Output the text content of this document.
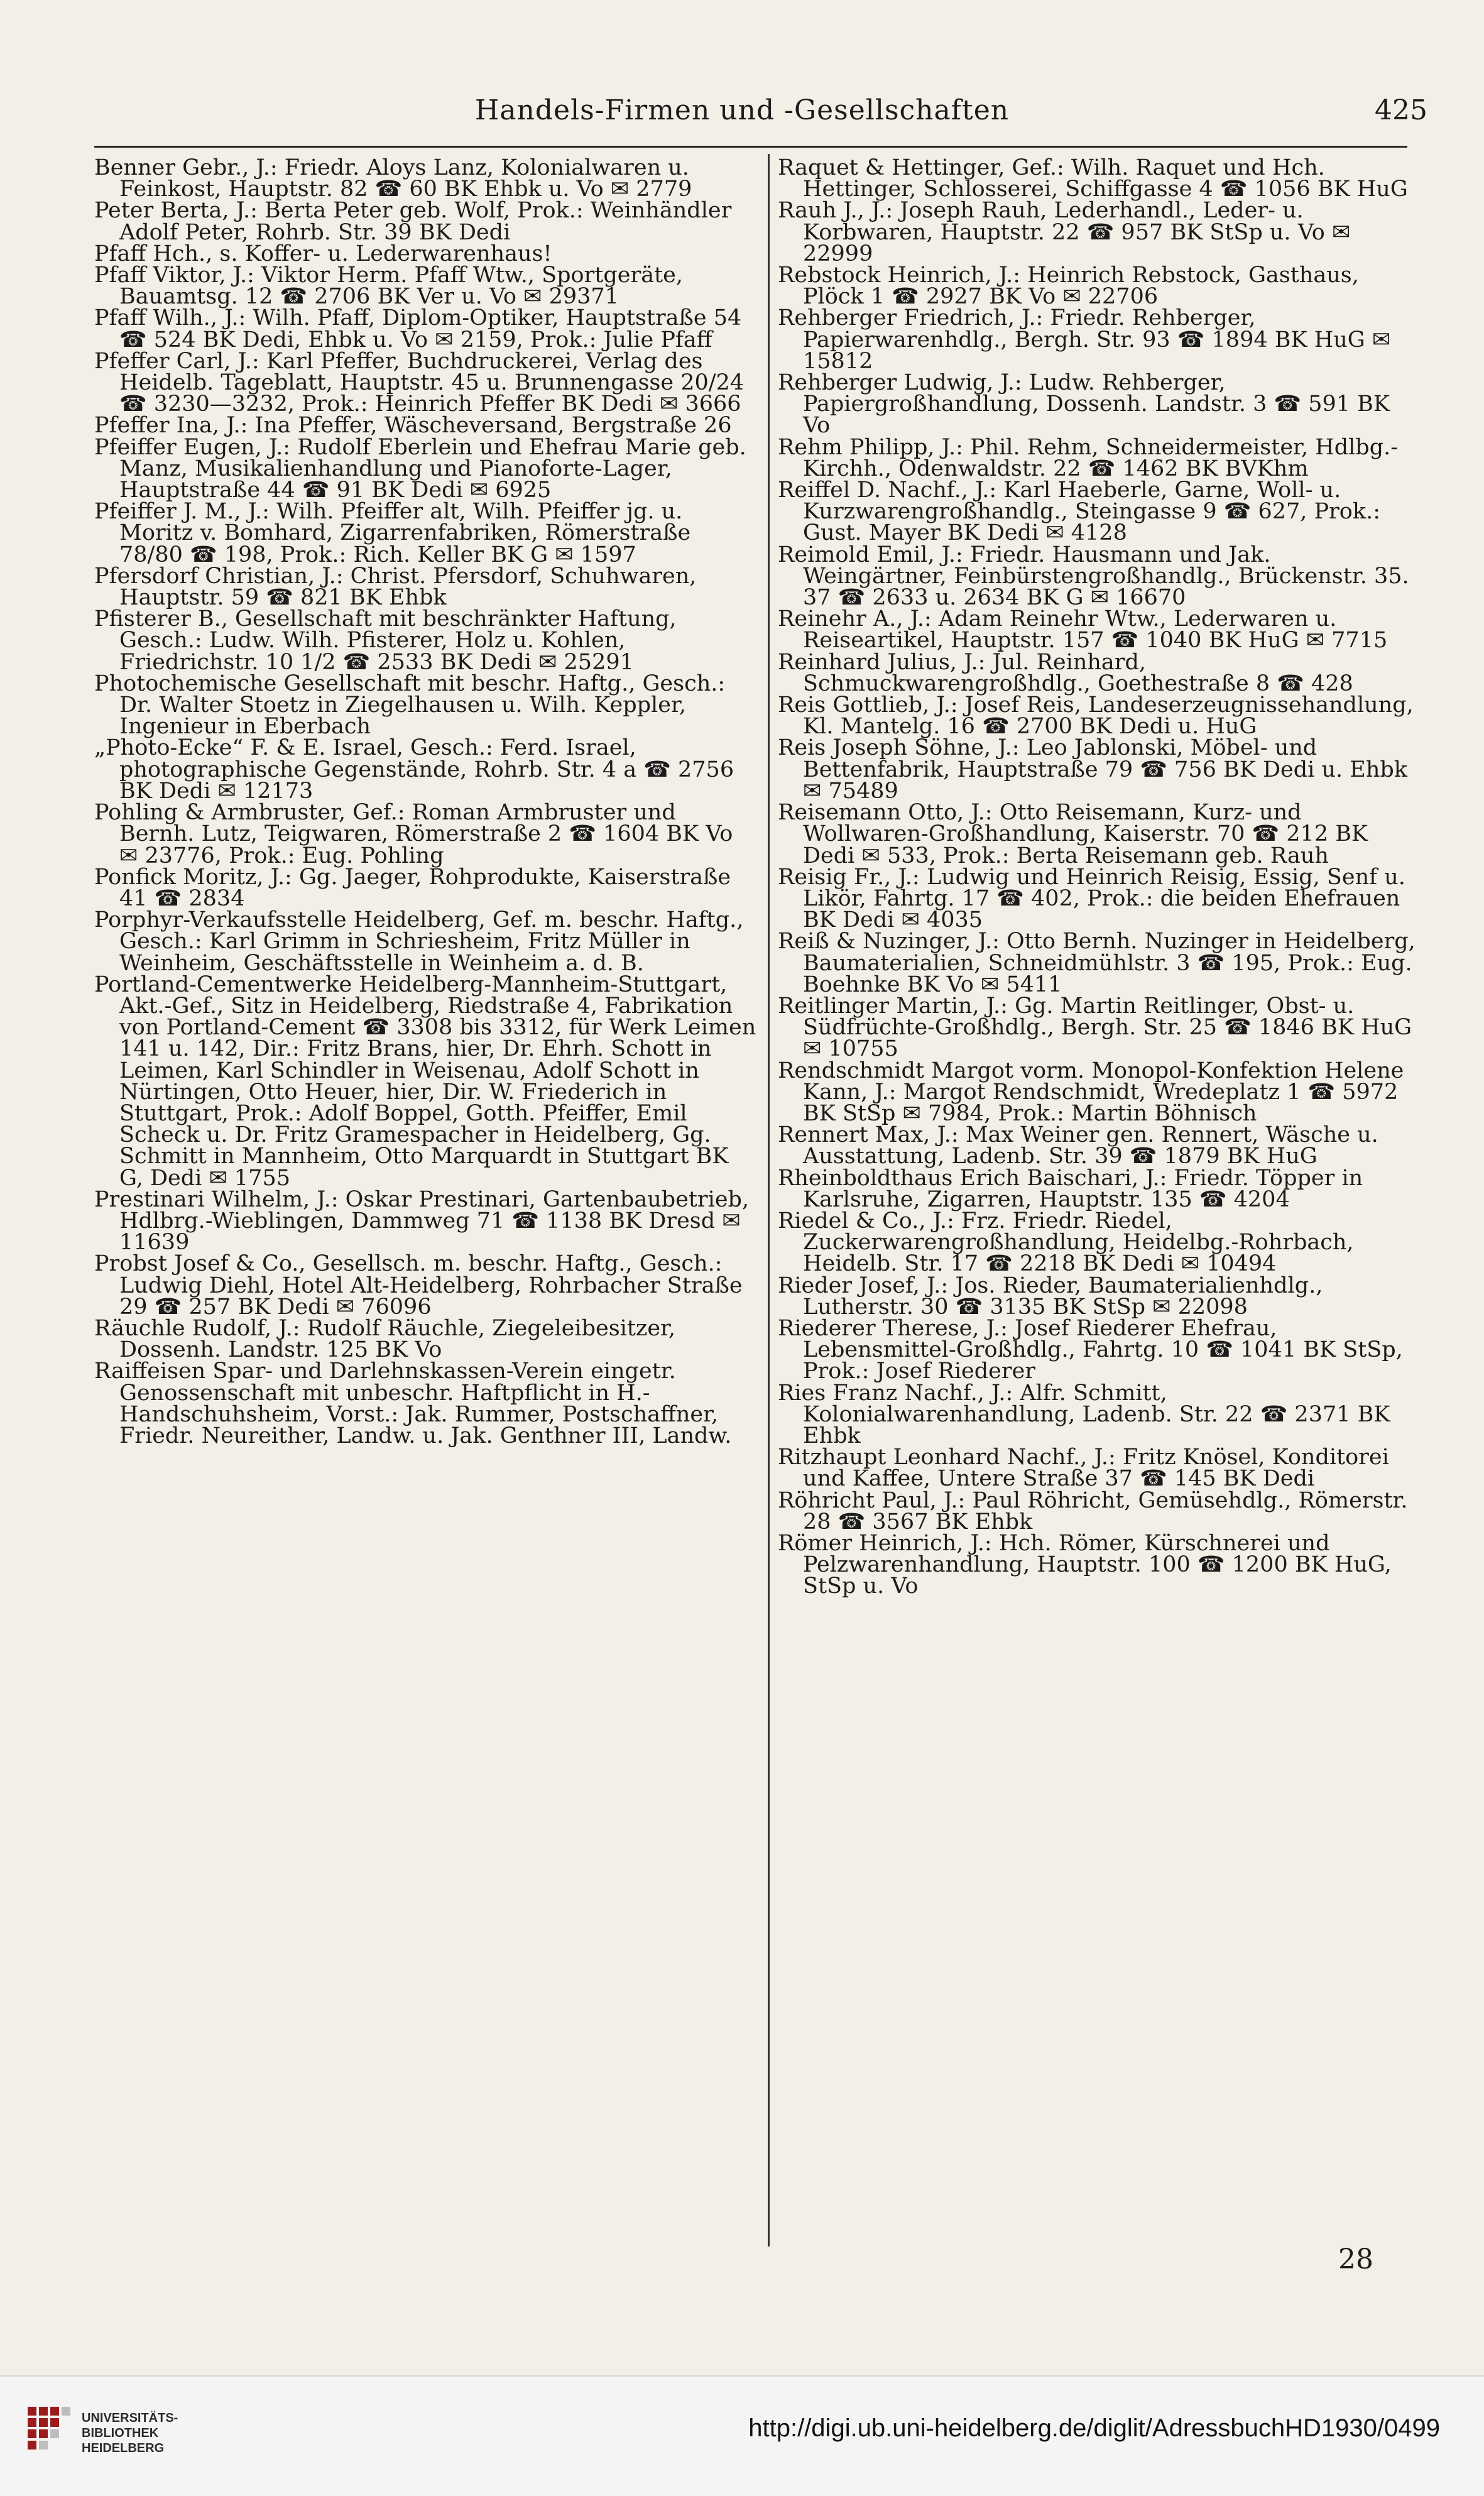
Handels-Firmen und -Gesellschaften	425

Benner Gebr., J.: Friedr. Aloys Lanz, Kolonialwaren u. Feinkost, Hauptstr. 82 ☎ 60 BK Ehbk u. Vo ✉ 2779

Peter Berta, J.: Berta Peter geb. Wolf, Prok.: Weinhändler Adolf Peter, Rohrb. Str. 39 BK Dedi

Pfaff Hch., s. Koffer- u. Lederwarenhaus!

Pfaff Viktor, J.: Viktor Herm. Pfaff Wtw., Sportgeräte, Bauamtsg. 12 ☎ 2706 BK Ver u. Vo ✉ 29371

Pfaff Wilh., J.: Wilh. Pfaff, Diplom-Optiker, Hauptstraße 54 ☎ 524 BK Dedi, Ehbk u. Vo ✉ 2159, Prok.: Julie Pfaff

Pfeffer Carl, J.: Karl Pfeffer, Buchdruckerei, Verlag des Heidelb. Tageblatt, Hauptstr. 45 u. Brunnengasse 20/24 ☎ 3230—3232, Prok.: Heinrich Pfeffer BK Dedi ✉ 3666

Pfeffer Ina, J.: Ina Pfeffer, Wäscheversand, Bergstraße 26

Pfeiffer Eugen, J.: Rudolf Eberlein und Ehefrau Marie geb. Manz, Musikalienhandlung und Pianoforte-Lager, Hauptstraße 44 ☎ 91 BK Dedi ✉ 6925

Pfeiffer J. M., J.: Wilh. Pfeiffer alt, Wilh. Pfeiffer jg. u. Moritz v. Bomhard, Zigarrenfabriken, Römerstraße 78/80 ☎ 198, Prok.: Rich. Keller BK G ✉ 1597

Pfersdorf Christian, J.: Christ. Pfersdorf, Schuhwaren, Hauptstr. 59 ☎ 821 BK Ehbk

Pfisterer B., Gesellschaft mit beschränkter Haftung, Gesch.: Ludw. Wilh. Pfisterer, Holz u. Kohlen, Friedrichstr. 10 1/2 ☎ 2533 BK Dedi ✉ 25291

Photochemische Gesellschaft mit beschr. Haftg., Gesch.: Dr. Walter Stoetz in Ziegelhausen u. Wilh. Keppler, Ingenieur in Eberbach

„Photo-Ecke“ F. & E. Israel, Gesch.: Ferd. Israel, photographische Gegenstände, Rohrb. Str. 4 a ☎ 2756 BK Dedi ✉ 12173

Pohling & Armbruster, Gef.: Roman Armbruster und Bernh. Lutz, Teigwaren, Römerstraße 2 ☎ 1604 BK Vo ✉ 23776, Prok.: Eug. Pohling

Ponfick Moritz, J.: Gg. Jaeger, Rohprodukte, Kaiserstraße 41 ☎ 2834

Porphyr-Verkaufsstelle Heidelberg, Gef. m. beschr. Haftg., Gesch.: Karl Grimm in Schriesheim, Fritz Müller in Weinheim, Geschäftsstelle in Weinheim a. d. B.

Portland-Cementwerke Heidelberg-Mannheim-Stuttgart, Akt.-Gef., Sitz in Heidelberg, Riedstraße 4, Fabrikation von Portland-Cement ☎ 3308 bis 3312, für Werk Leimen 141 u. 142, Dir.: Fritz Brans, hier, Dr. Ehrh. Schott in Leimen, Karl Schindler in Weisenau, Adolf Schott in Nürtingen, Otto Heuer, hier, Dir. W. Friederich in Stuttgart, Prok.: Adolf Boppel, Gotth. Pfeiffer, Emil Scheck u. Dr. Fritz Gramespacher in Heidelberg, Gg. Schmitt in Mannheim, Otto Marquardt in Stuttgart BK G, Dedi ✉ 1755

Prestinari Wilhelm, J.: Oskar Prestinari, Gartenbaubetrieb, Hdlbrg.-Wieblingen, Dammweg 71 ☎ 1138 BK Dresd ✉ 11639

Probst Josef & Co., Gesellsch. m. beschr. Haftg., Gesch.: Ludwig Diehl, Hotel Alt-Heidelberg, Rohrbacher Straße 29 ☎ 257 BK Dedi ✉ 76096

Räuchle Rudolf, J.: Rudolf Räuchle, Ziegeleibesitzer, Dossenh. Landstr. 125 BK Vo

Raiffeisen Spar- und Darlehnskassen-Verein eingetr. Genossenschaft mit unbeschr. Haftpflicht in H.-Handschuhsheim, Vorst.: Jak. Rummer, Postschaffner, Friedr. Neureither, Landw. u. Jak. Genthner III, Landw.

Raquet & Hettinger, Gef.: Wilh. Raquet und Hch. Hettinger, Schlosserei, Schiffgasse 4 ☎ 1056 BK HuG

Rauh J., J.: Joseph Rauh, Lederhandl., Leder- u. Korbwaren, Hauptstr. 22 ☎ 957 BK StSp u. Vo ✉ 22999

Rebstock Heinrich, J.: Heinrich Rebstock, Gasthaus, Plöck 1 ☎ 2927 BK Vo ✉ 22706

Rehberger Friedrich, J.: Friedr. Rehberger, Papierwarenhdlg., Bergh. Str. 93 ☎ 1894 BK HuG ✉ 15812

Rehberger Ludwig, J.: Ludw. Rehberger, Papiergroßhandlung, Dossenh. Landstr. 3 ☎ 591 BK Vo

Rehm Philipp, J.: Phil. Rehm, Schneidermeister, Hdlbg.-Kirchh., Odenwaldstr. 22 ☎ 1462 BK BVKhm

Reiffel D. Nachf., J.: Karl Haeberle, Garne, Woll- u. Kurzwarengroßhandlg., Steingasse 9 ☎ 627, Prok.: Gust. Mayer BK Dedi ✉ 4128

Reimold Emil, J.: Friedr. Hausmann und Jak. Weingärtner, Feinbürstengroßhandlg., Brückenstr. 35. 37 ☎ 2633 u. 2634 BK G ✉ 16670

Reinehr A., J.: Adam Reinehr Wtw., Lederwaren u. Reiseartikel, Hauptstr. 157 ☎ 1040 BK HuG ✉ 7715

Reinhard Julius, J.: Jul. Reinhard, Schmuckwarengroßhdlg., Goethestraße 8 ☎ 428

Reis Gottlieb, J.: Josef Reis, Landeserzeugnissehandlung, Kl. Mantelg. 16 ☎ 2700 BK Dedi u. HuG

Reis Joseph Söhne, J.: Leo Jablonski, Möbel- und Bettenfabrik, Hauptstraße 79 ☎ 756 BK Dedi u. Ehbk ✉ 75489

Reisemann Otto, J.: Otto Reisemann, Kurz- und Wollwaren-Großhandlung, Kaiserstr. 70 ☎ 212 BK Dedi ✉ 533, Prok.: Berta Reisemann geb. Rauh

Reisig Fr., J.: Ludwig und Heinrich Reisig, Essig, Senf u. Likör, Fahrtg. 17 ☎ 402, Prok.: die beiden Ehefrauen BK Dedi ✉ 4035

Reiß & Nuzinger, J.: Otto Bernh. Nuzinger in Heidelberg, Baumaterialien, Schneidmühlstr. 3 ☎ 195, Prok.: Eug. Boehnke BK Vo ✉ 5411

Reitlinger Martin, J.: Gg. Martin Reitlinger, Obst- u. Südfrüchte-Großhdlg., Bergh. Str. 25 ☎ 1846 BK HuG ✉ 10755

Rendschmidt Margot vorm. Monopol-Konfektion Helene Kann, J.: Margot Rendschmidt, Wredeplatz 1 ☎ 5972 BK StSp ✉ 7984, Prok.: Martin Böhnisch

Rennert Max, J.: Max Weiner gen. Rennert, Wäsche u. Ausstattung, Ladenb. Str. 39 ☎ 1879 BK HuG

Rheinboldthaus Erich Baischari, J.: Friedr. Töpper in Karlsruhe, Zigarren, Hauptstr. 135 ☎ 4204

Riedel & Co., J.: Frz. Friedr. Riedel, Zuckerwarengroßhandlung, Heidelbg.-Rohrbach, Heidelb. Str. 17 ☎ 2218 BK Dedi ✉ 10494

Rieder Josef, J.: Jos. Rieder, Baumaterialienhdlg., Lutherstr. 30 ☎ 3135 BK StSp ✉ 22098

Riederer Therese, J.: Josef Riederer Ehefrau, Lebensmittel-Großhdlg., Fahrtg. 10 ☎ 1041 BK StSp, Prok.: Josef Riederer

Ries Franz Nachf., J.: Alfr. Schmitt, Kolonialwarenhandlung, Ladenb. Str. 22 ☎ 2371 BK Ehbk

Ritzhaupt Leonhard Nachf., J.: Fritz Knösel, Konditorei und Kaffee, Untere Straße 37 ☎ 145 BK Dedi

Röhricht Paul, J.: Paul Röhricht, Gemüsehdlg., Römerstr. 28 ☎ 3567 BK Ehbk

Römer Heinrich, J.: Hch. Römer, Kürschnerei und Pelzwarenhandlung, Hauptstr. 100 ☎ 1200 BK HuG, StSp u. Vo

28
UNIVERSITÄTS-
BIBLIOTHEK
HEIDELBERG
http://digi.ub.uni-heidelberg.de/diglit/AdressbuchHD1930/0499
